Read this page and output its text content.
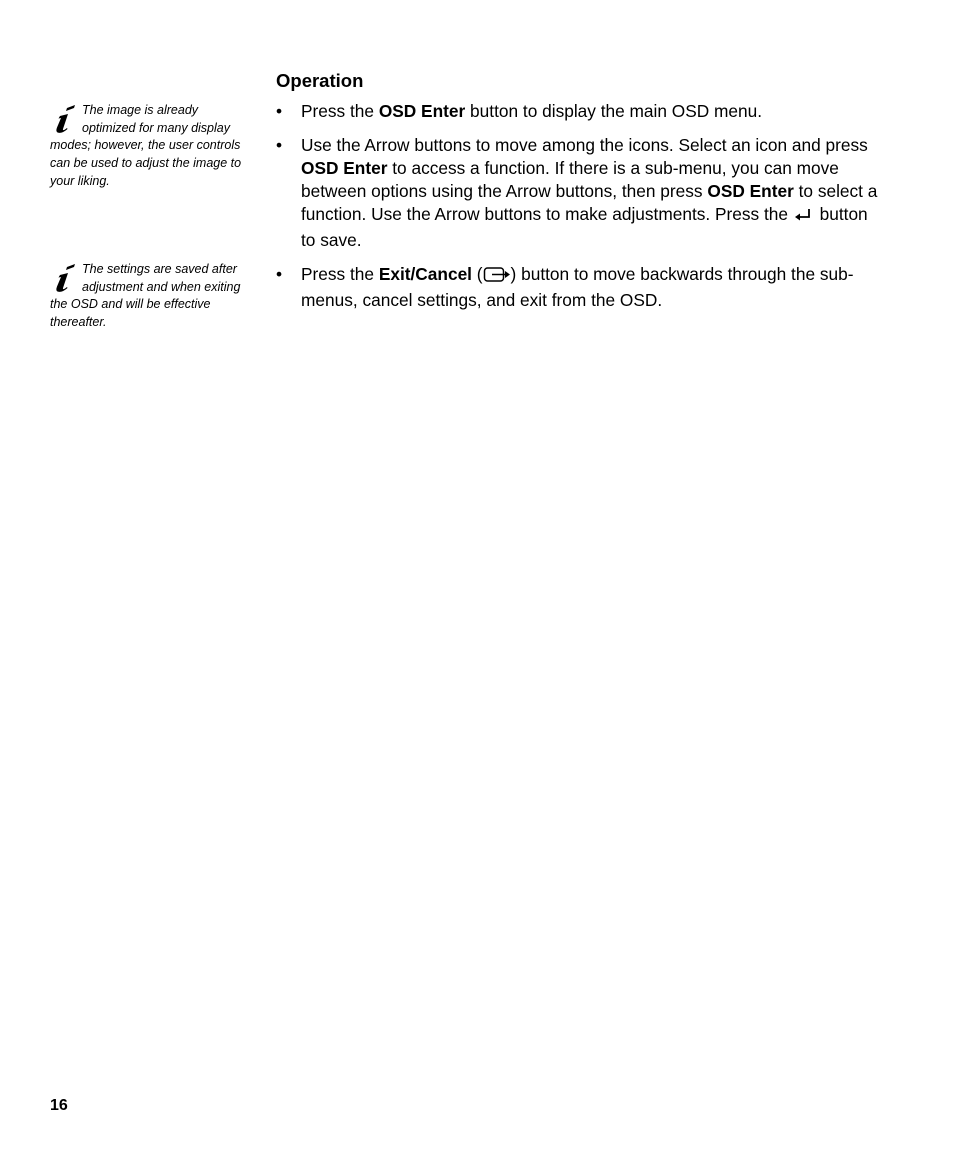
The image is already optimized for many display modes; however, the user controls can be used to adjust the image to your liking.
The settings are saved after adjustment and when exiting the OSD and will be effective thereafter.
Operation
• Press the OSD Enter button to display the main OSD menu.
• Use the Arrow buttons to move among the icons. Select an icon and press OSD Enter to access a function. If there is a sub-menu, you can move between options using the Arrow buttons, then press OSD Enter to select a function. Use the Arrow buttons to make adjustments. Press the  button to save.
• Press the Exit/Cancel ( ) button to move backwards through the sub-menus, cancel settings, and exit from the OSD.
16
